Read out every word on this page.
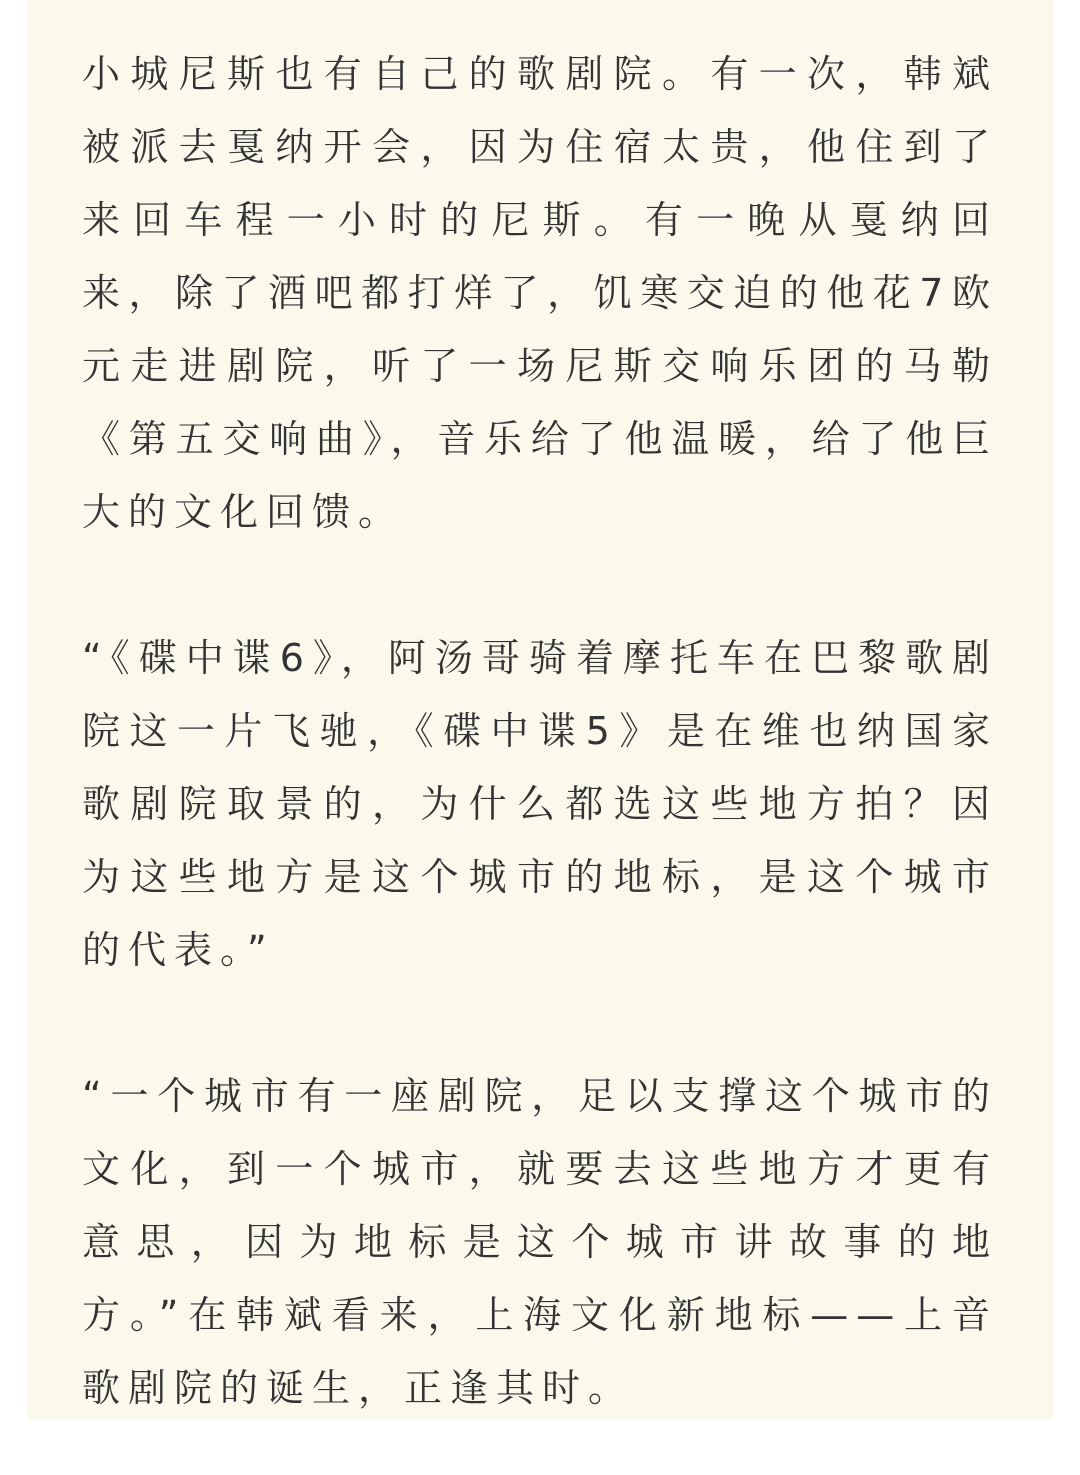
小城尼斯也有自己的歌剧院。有一次，韩斌被派去戛纳开会，因为住宿太贵，他住到了来回车程一小时的尼斯。有一晚从戛纳回来，除了酒吧都打烊了，饥寒交迫的他花7欧元走进剧院，听了一场尼斯交响乐团的马勒《第五交响曲》，音乐给了他温暖，给了他巨大的文化回馈。

“《碟中谍6》，阿汤哥骑着摩托车在巴黎歌剧院这一片飞驰，《碟中谍5》是在维也纳国家歌剧院取景的，为什么都选这些地方拍？因为这些地方是这个城市的地标，是这个城市的代表。”

“一个城市有一座剧院，足以支撑这个城市的文化，到一个城市，就要去这些地方才更有意思，因为地标是这个城市讲故事的地方。”在韩斌看来，上海文化新地标——上音歌剧院的诞生，正逢其时。
